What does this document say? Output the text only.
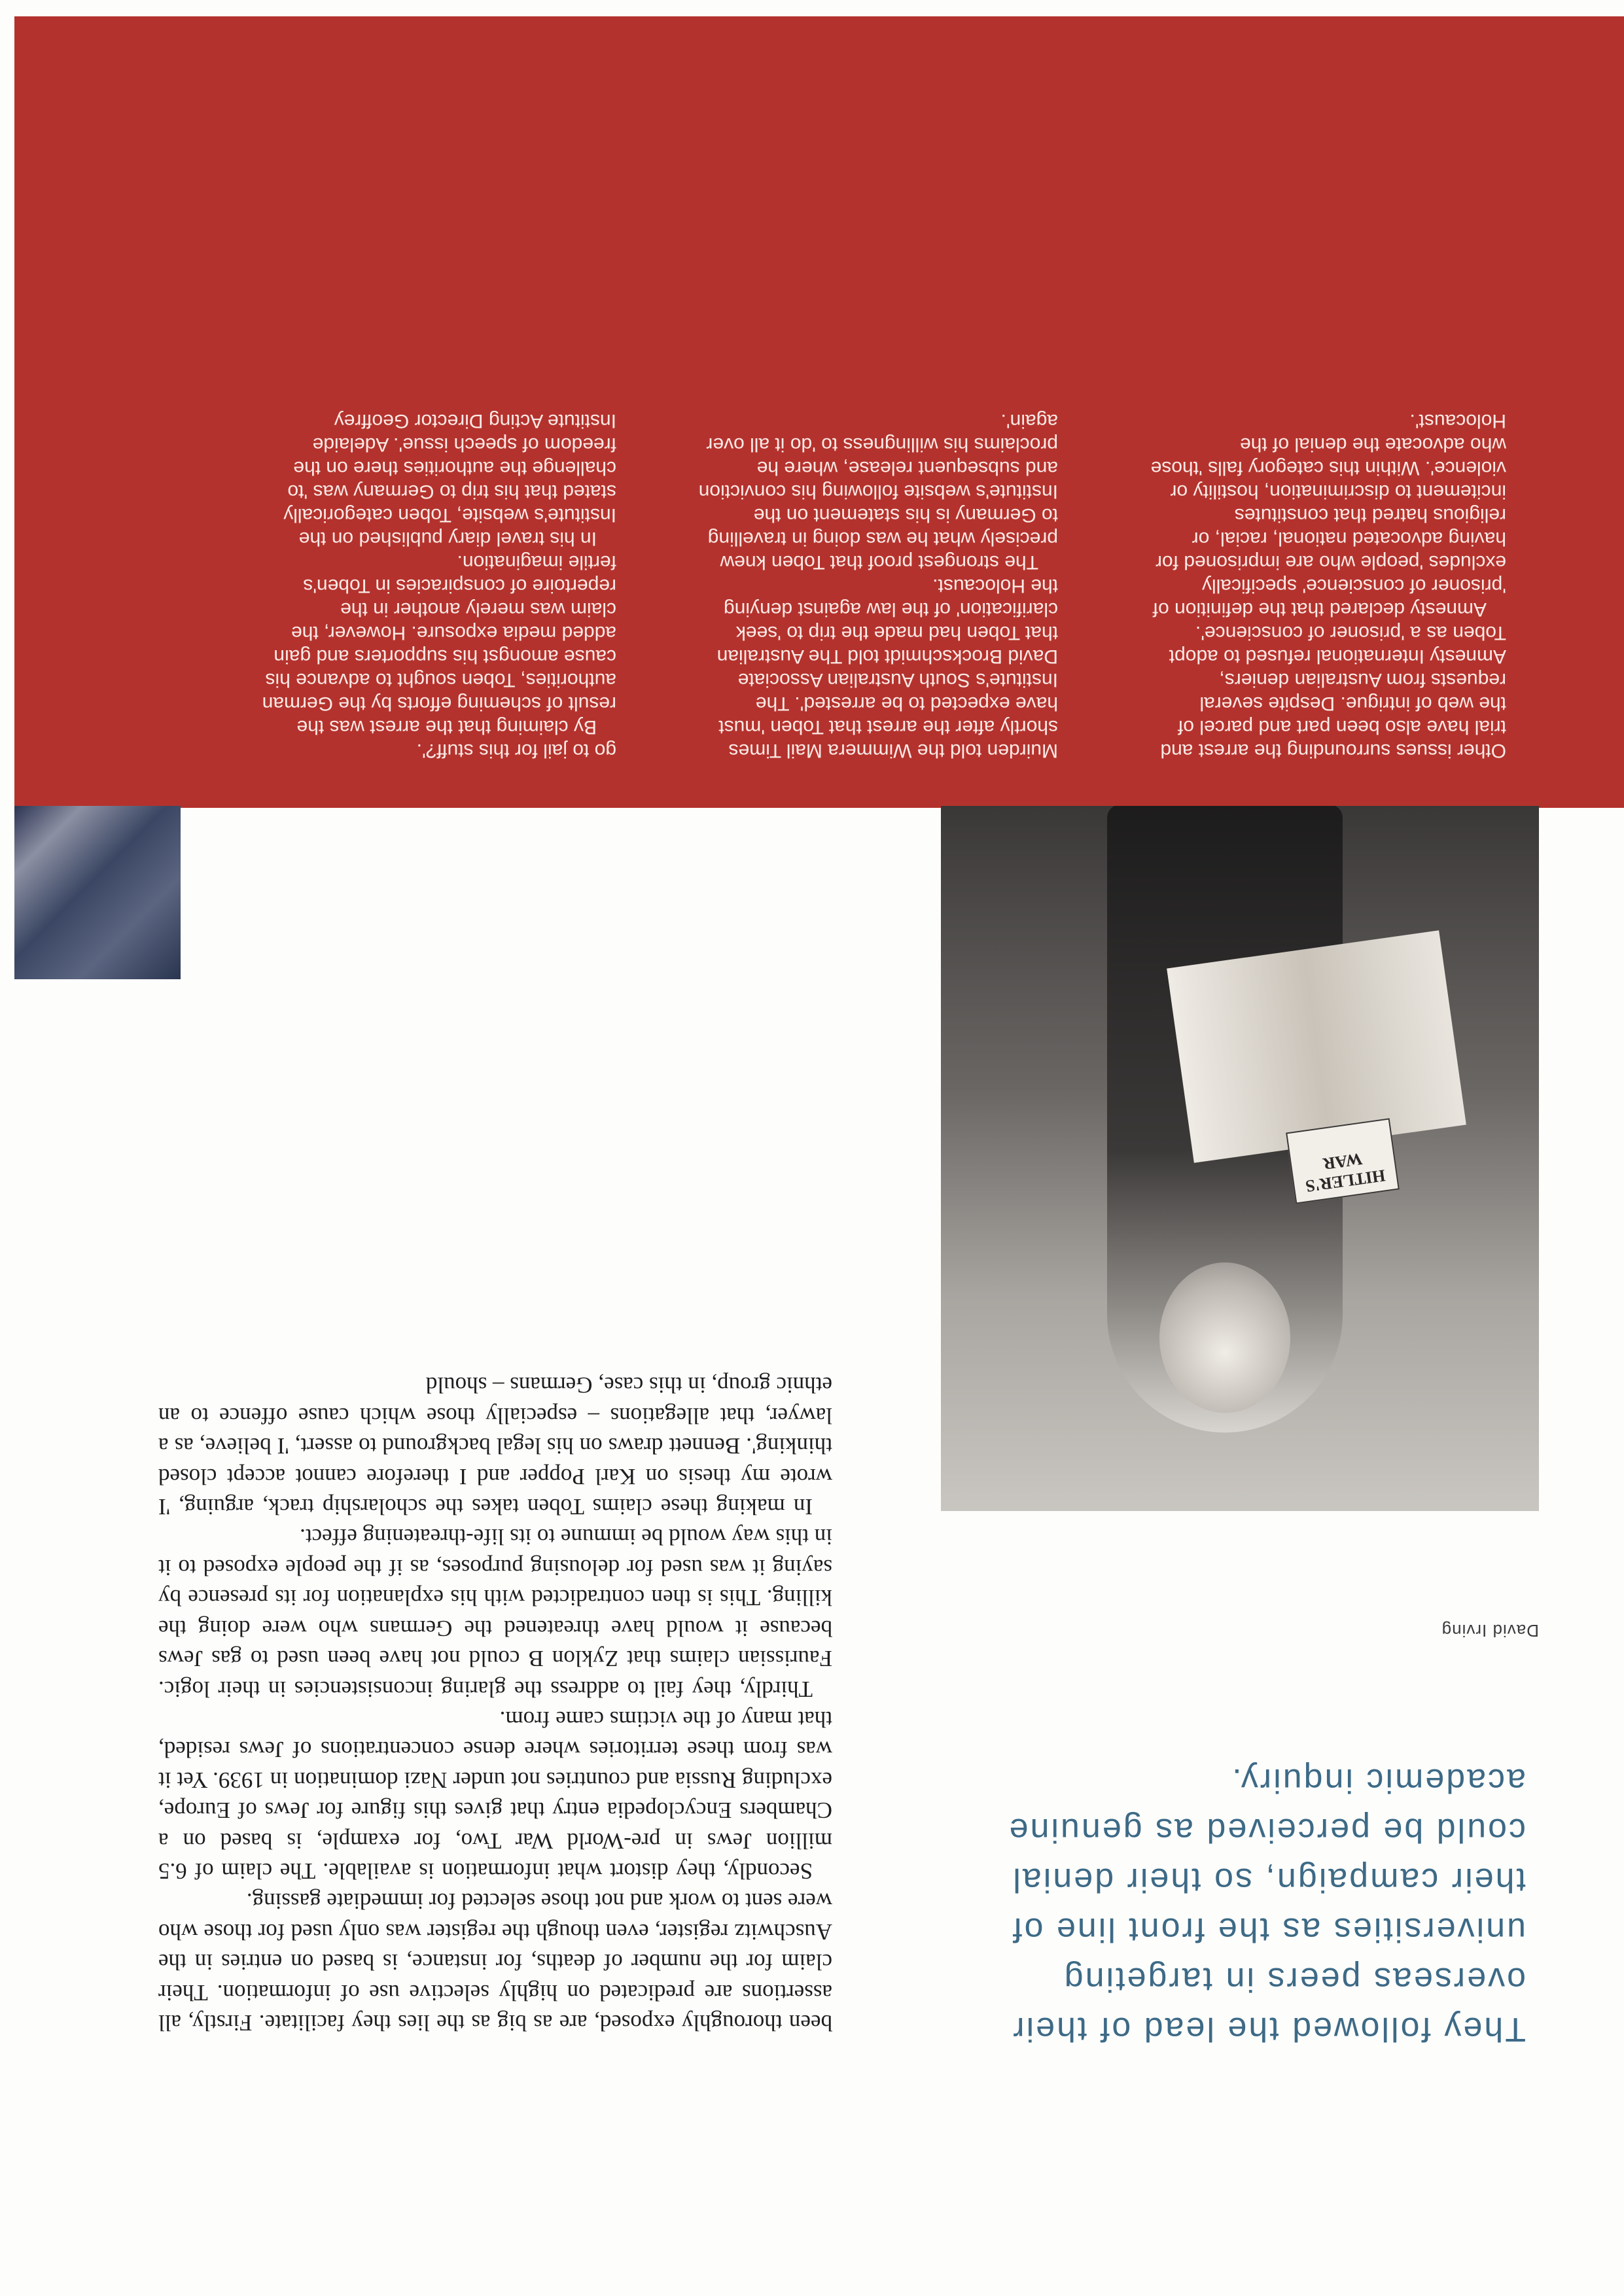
HITLER'S WAR
David Irving
They followed the lead of their overseas peers in targeting universities as the front line of their campaign, so their denial could be perceived as genuine academic inquiry.

been thoroughly exposed, are as big as the lies they facilitate. Firstly, all assertions are predicated on highly selective use of information. Their claim for the number of deaths, for instance, is based on entries in the Auschwitz register, even though the register was only used for those who were sent to work and not those selected for immediate gassing.

Secondly, they distort what information is available. The claim of 6.5 million Jews in pre-World War Two, for example, is based on a Chambers Encyclopedia entry that gives this figure for Jews of Europe, excluding Russia and countries not under Nazi domination in 1939. Yet it was from these territories where dense concentrations of Jews resided, that many of the victims came from.

Thirdly, they fail to address the glaring inconsistencies in their logic. Faurissian claims that Zyklon B could not have been used to gas Jews because it would have threatened the Germans who were doing the killing. This is then contradicted with his explanation for its presence by saying it was used for delousing purposes, as if the people exposed to it in this way would be immune to its life-threatening effect.

In making these claims Toben takes the scholarship track, arguing, 'I wrote my thesis on Karl Popper and I therefore cannot accept closed thinking'. Bennett draws on his legal background to assert, 'I believe, as a lawyer, that allegations – especially those which cause offence to an ethnic group, in this case, Germans – should

go to jail for this stuff?'.

By claiming that the arrest was the result of scheming efforts by the German authorities, Toben sought to advance his cause amongst his supporters and gain added media exposure. However, the claim was merely another in the repertoire of conspiracies in Toben's fertile imagination.

In his travel diary published on the Institute's website, Toben categorically stated that his trip to Germany was 'to challenge the authorities there on the freedom of speech issue'. Adelaide Institute Acting Director Geoffrey

Muirden told the Wimmera Mail Times shortly after the arrest that Toben 'must have expected to be arrested'. The Institute's South Australian Associate David Brockschmidt told The Australian that Toben had made the trip to 'seek clarification' of the law against denying the Holocaust.

The strongest proof that Toben knew precisely what he was doing in travelling to Germany is his statement on the Institute's website following his conviction and subsequent release, where he proclaims his willingness to 'do it all over again'.

Other issues surrounding the arrest and trial have also been part and parcel of the web of intrigue. Despite several requests from Australian deniers, Amnesty International refused to adopt Toben as a 'prisoner of conscience'.

Amnesty declared that the definition of 'prisoner of conscience' specifically excludes 'people who are imprisoned for having advocated national, racial, or religious hatred that constitutes incitement to discrimination, hostility or violence'. Within this category falls 'those who advocate the denial of the Holocaust'.
